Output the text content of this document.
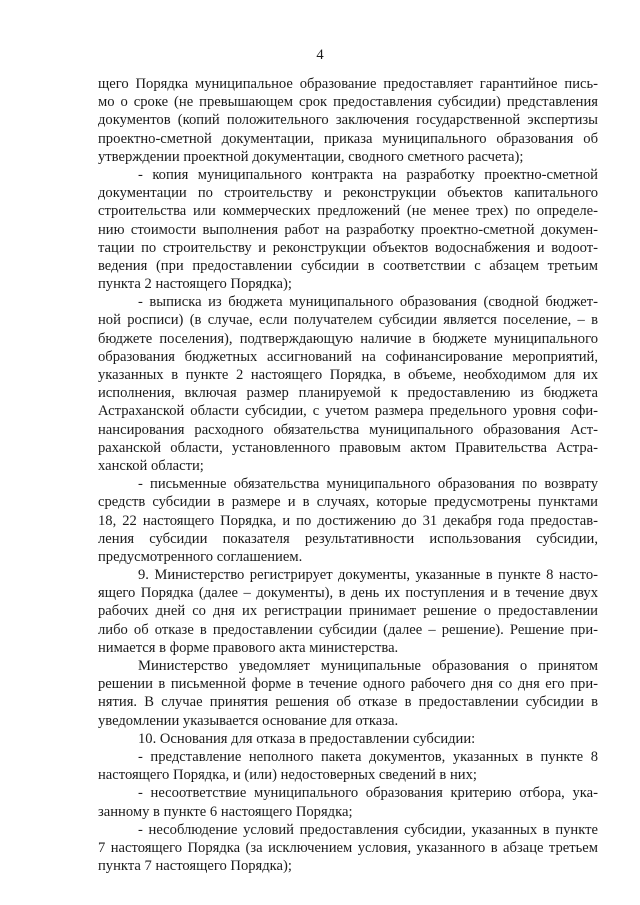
4
щего Порядка муниципальное образование предоставляет гарантийное пись-
мо о сроке (не превышающем срок предоставления субсидии) представления
документов (копий положительного заключения государственной экспертизы
проектно-сметной документации, приказа муниципального образования об
утверждении проектной документации, сводного сметного расчета);
- копия муниципального контракта на разработку проектно-сметной
документации по строительству и реконструкции объектов капитального
строительства или коммерческих предложений (не менее трех) по определе-
нию стоимости выполнения работ на разработку проектно-сметной докумен-
тации по строительству и реконструкции объектов водоснабжения и водоот-
ведения (при предоставлении субсидии в соответствии с абзацем третьим
пункта 2 настоящего Порядка);
- выписка из бюджета муниципального образования (сводной бюджет-
ной росписи) (в случае, если получателем субсидии является поселение, – в
бюджете поселения), подтверждающую наличие в бюджете муниципального
образования бюджетных ассигнований на софинансирование мероприятий,
указанных в пункте 2 настоящего Порядка, в объеме, необходимом для их
исполнения, включая размер планируемой к предоставлению из бюджета
Астраханской области субсидии, с учетом размера предельного уровня софи-
нансирования расходного обязательства муниципального образования Аст-
раханской области, установленного правовым актом Правительства Астра-
ханской области;
- письменные обязательства муниципального образования по возврату
средств субсидии в размере и в случаях, которые предусмотрены пунктами
18, 22 настоящего Порядка, и по достижению до 31 декабря года предостав-
ления субсидии показателя результативности использования субсидии,
предусмотренного соглашением.
9. Министерство регистрирует документы, указанные в пункте 8 насто-
ящего Порядка (далее – документы), в день их поступления и в течение двух
рабочих дней со дня их регистрации принимает решение о предоставлении
либо об отказе в предоставлении субсидии (далее – решение). Решение при-
нимается в форме правового акта министерства.
Министерство уведомляет муниципальные образования о принятом
решении в письменной форме в течение одного рабочего дня со дня его при-
нятия. В случае принятия решения об отказе в предоставлении субсидии в
уведомлении указывается основание для отказа.
10. Основания для отказа в предоставлении субсидии:
- представление неполного пакета документов, указанных в пункте 8
настоящего Порядка, и (или) недостоверных сведений в них;
- несоответствие муниципального образования критерию отбора, ука-
занному в пункте 6 настоящего Порядка;
- несоблюдение условий предоставления субсидии, указанных в пункте
7 настоящего Порядка (за исключением условия, указанного в абзаце третьем
пункта 7 настоящего Порядка);
